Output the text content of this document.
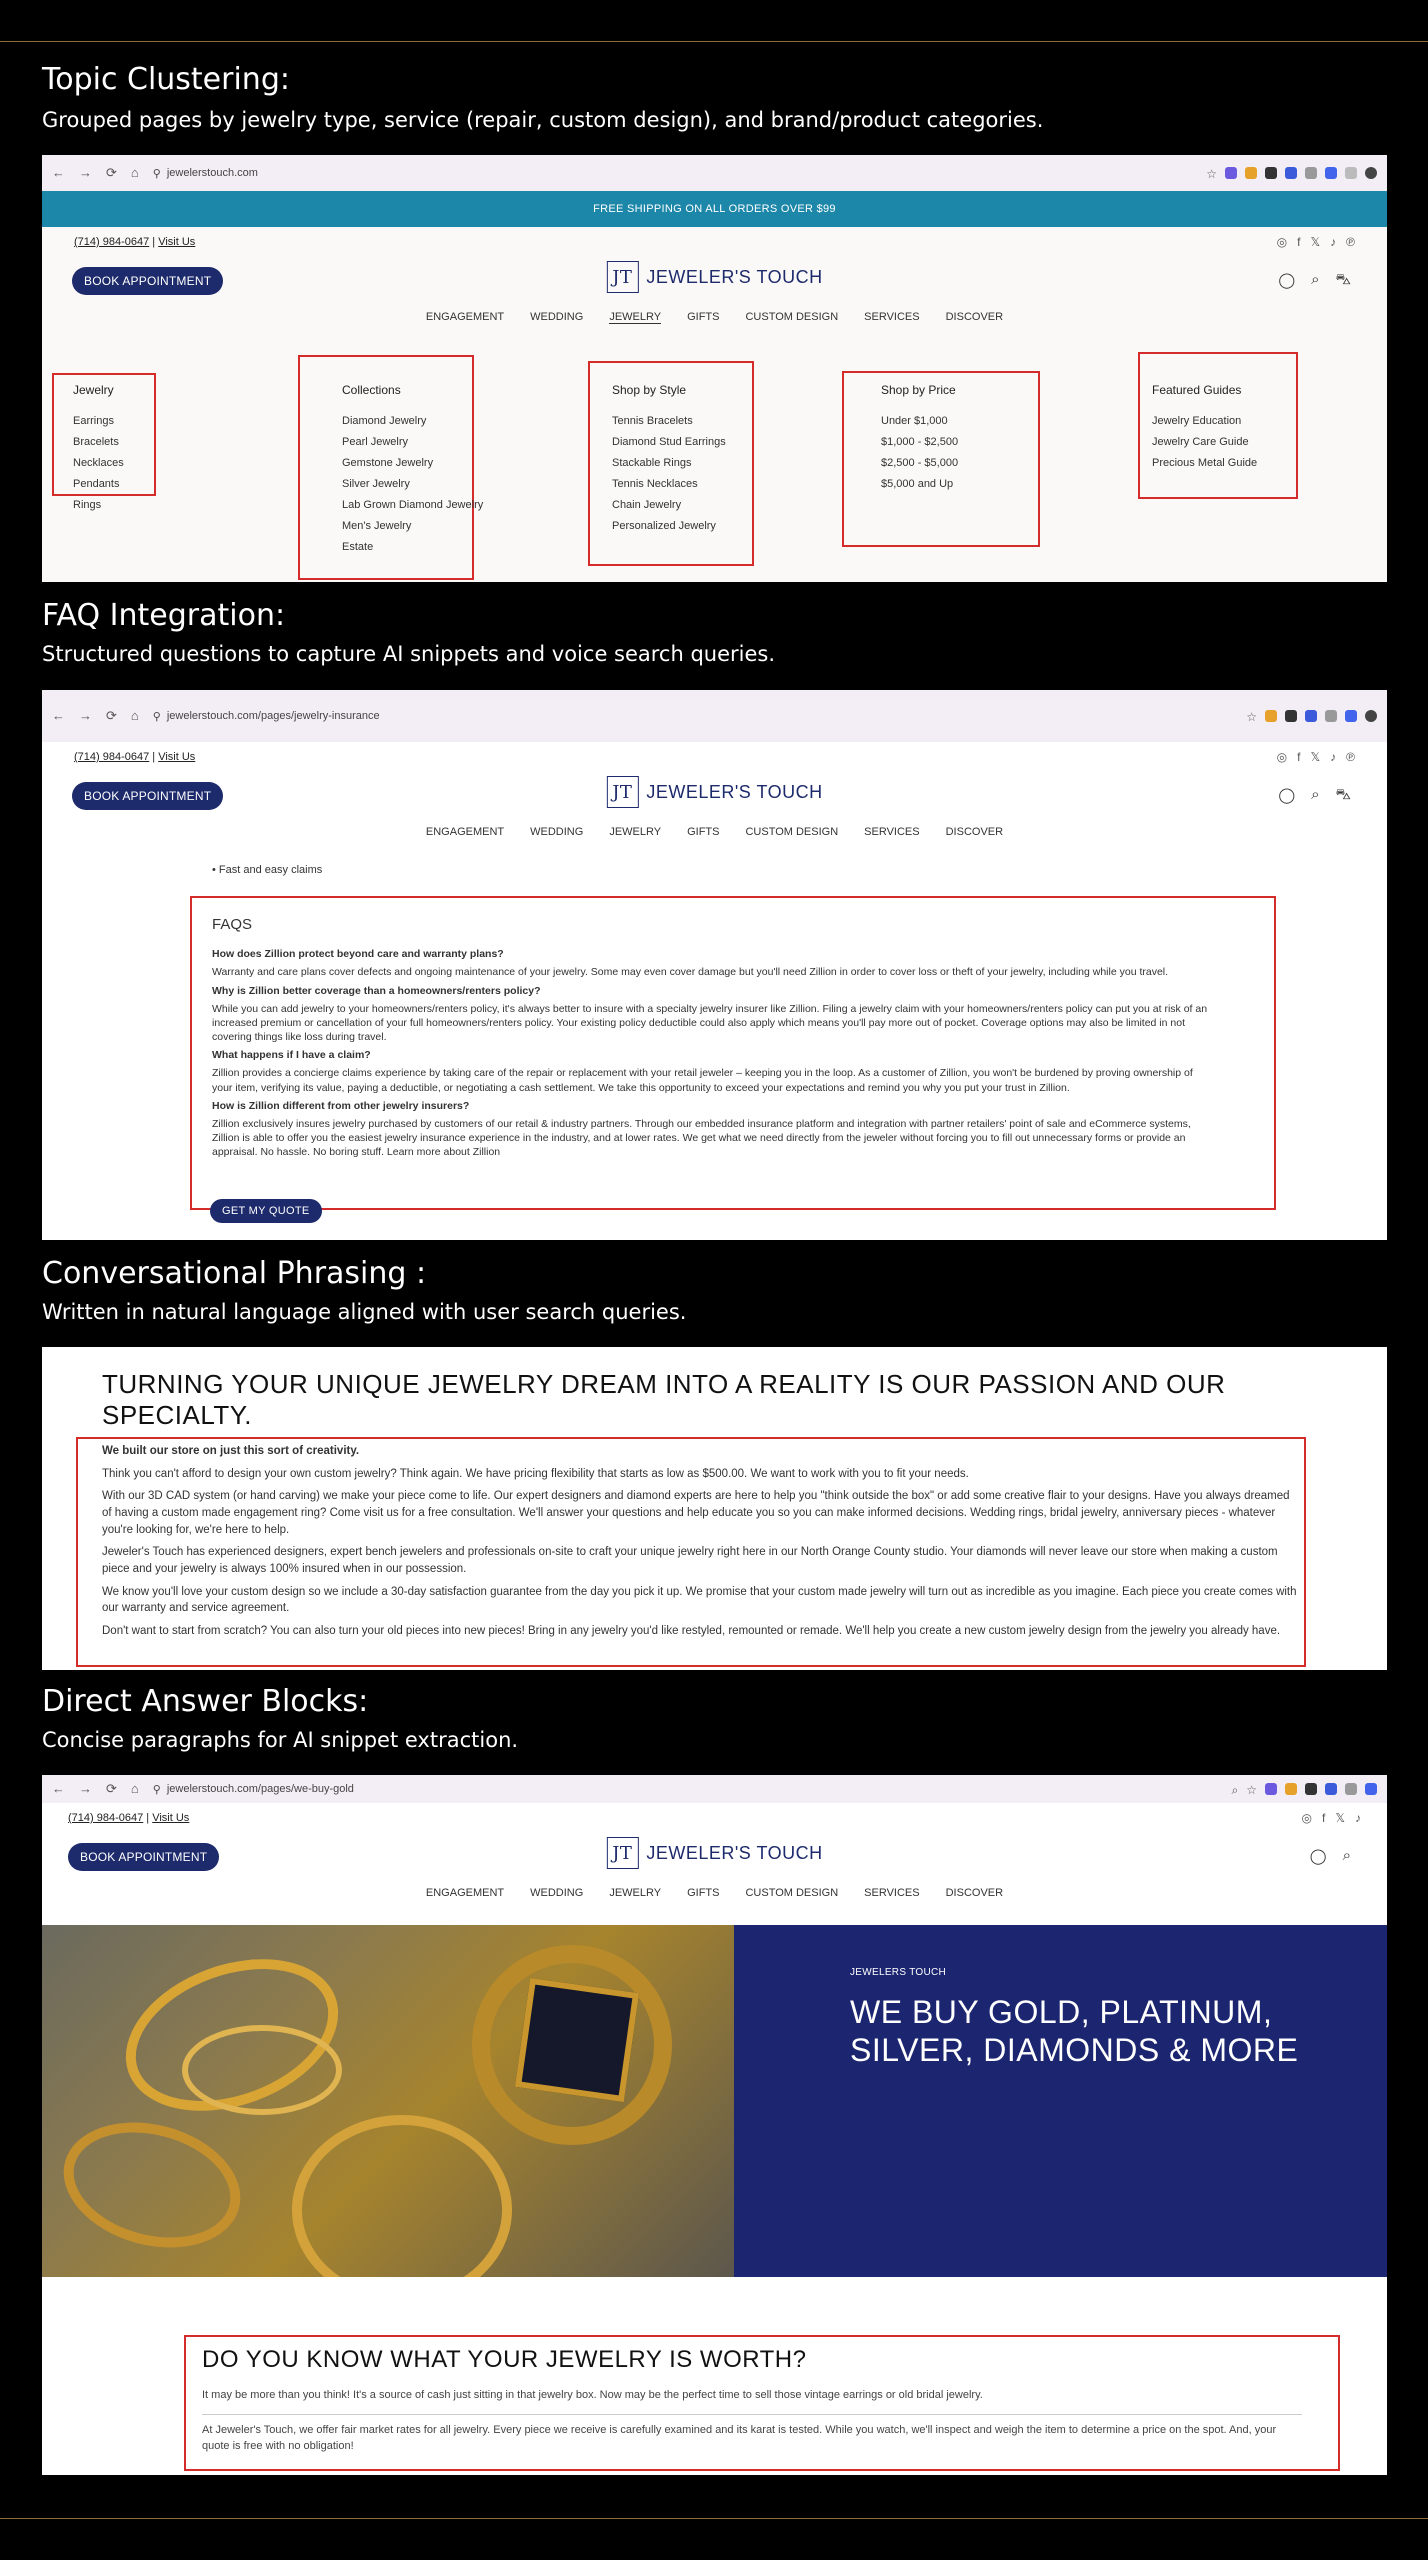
Topic Clustering:
Grouped pages by jewelry type, service (repair, custom design), and brand/product categories.
← → ⟳ ⌂ ⚲ jewelerstouch.com	☆
FREE SHIPPING ON ALL ORDERS OVER $99
(714) 984-0647 | Visit Us	◎ f 𝕏 ♪ ℗
BOOK APPOINTMENT	JT JEWELER'S TOUCH	◯ ⌕ ⛍
ENGAGEMENT WEDDING JEWELRY GIFTS CUSTOM DESIGN SERVICES DISCOVER
Jewelry
Earrings
Bracelets
Necklaces
Pendants
Rings
Collections
Diamond Jewelry
Pearl Jewelry
Gemstone Jewelry
Silver Jewelry
Lab Grown Diamond Jewelry
Men's Jewelry
Estate
Shop by Style
Tennis Bracelets
Diamond Stud Earrings
Stackable Rings
Tennis Necklaces
Chain Jewelry
Personalized Jewelry
Shop by Price
Under $1,000
$1,000 - $2,500
$2,500 - $5,000
$5,000 and Up
Featured Guides
Jewelry Education
Jewelry Care Guide
Precious Metal Guide
FAQ Integration:
Structured questions to capture AI snippets and voice search queries.
← → ⟳ ⌂ ⚲ jewelerstouch.com/pages/jewelry-insurance	☆
(714) 984-0647 | Visit Us	◎ f 𝕏 ♪ ℗
BOOK APPOINTMENT	JT JEWELER'S TOUCH	◯ ⌕ ⛍
ENGAGEMENT WEDDING JEWELRY GIFTS CUSTOM DESIGN SERVICES DISCOVER
• Fast and easy claims
FAQS
How does Zillion protect beyond care and warranty plans?
Warranty and care plans cover defects and ongoing maintenance of your jewelry. Some may even cover damage but you'll need Zillion in order to cover loss or theft of your jewelry, including while you travel.
Why is Zillion better coverage than a homeowners/renters policy?
While you can add jewelry to your homeowners/renters policy, it's always better to insure with a specialty jewelry insurer like Zillion. Filing a jewelry claim with your homeowners/renters policy can put you at risk of an increased premium or cancellation of your full homeowners/renters policy. Your existing policy deductible could also apply which means you'll pay more out of pocket. Coverage options may also be limited in not covering things like loss during travel.
What happens if I have a claim?
Zillion provides a concierge claims experience by taking care of the repair or replacement with your retail jeweler – keeping you in the loop. As a customer of Zillion, you won't be burdened by proving ownership of your item, verifying its value, paying a deductible, or negotiating a cash settlement. We take this opportunity to exceed your expectations and remind you why you put your trust in Zillion.
How is Zillion different from other jewelry insurers?
Zillion exclusively insures jewelry purchased by customers of our retail & industry partners. Through our embedded insurance platform and integration with partner retailers' point of sale and eCommerce systems, Zillion is able to offer you the easiest jewelry insurance experience in the industry, and at lower rates. We get what we need directly from the jeweler without forcing you to fill out unnecessary forms or provide an appraisal. No hassle. No boring stuff. Learn more about Zillion
GET MY QUOTE
Conversational Phrasing :
Written in natural language aligned with user search queries.
TURNING YOUR UNIQUE JEWELRY DREAM INTO A REALITY IS OUR PASSION AND OUR SPECIALTY.

We built our store on just this sort of creativity.

Think you can't afford to design your own custom jewelry? Think again. We have pricing flexibility that starts as low as $500.00. We want to work with you to fit your needs.

With our 3D CAD system (or hand carving) we make your piece come to life. Our expert designers and diamond experts are here to help you "think outside the box" or add some creative flair to your designs. Have you always dreamed of having a custom made engagement ring? Come visit us for a free consultation. We'll answer your questions and help educate you so you can make informed decisions. Wedding rings, bridal jewelry, anniversary pieces - whatever you're looking for, we're here to help.

Jeweler's Touch has experienced designers, expert bench jewelers and professionals on-site to craft your unique jewelry right here in our North Orange County studio. Your diamonds will never leave our store when making a custom piece and your jewelry is always 100% insured when in our possession.

We know you'll love your custom design so we include a 30-day satisfaction guarantee from the day you pick it up. We promise that your custom made jewelry will turn out as incredible as you imagine. Each piece you create comes with our warranty and service agreement.

Don't want to start from scratch? You can also turn your old pieces into new pieces! Bring in any jewelry you'd like restyled, remounted or remade. We'll help you create a new custom jewelry design from the jewelry you already have.

Direct Answer Blocks:
Concise paragraphs for AI snippet extraction.
← → ⟳ ⌂ ⚲ jewelerstouch.com/pages/we-buy-gold	⌕ ☆
(714) 984-0647 | Visit Us	◎ f 𝕏 ♪
BOOK APPOINTMENT	JT JEWELER'S TOUCH	◯ ⌕
ENGAGEMENT WEDDING JEWELRY GIFTS CUSTOM DESIGN SERVICES DISCOVER
JEWELERS TOUCH
WE BUY GOLD, PLATINUM, SILVER, DIAMONDS & MORE
DO YOU KNOW WHAT YOUR JEWELRY IS WORTH?
It may be more than you think! It's a source of cash just sitting in that jewelry box. Now may be the perfect time to sell those vintage earrings or old bridal jewelry.
At Jeweler's Touch, we offer fair market rates for all jewelry. Every piece we receive is carefully examined and its karat is tested. While you watch, we'll inspect and weigh the item to determine a price on the spot. And, your quote is free with no obligation!
